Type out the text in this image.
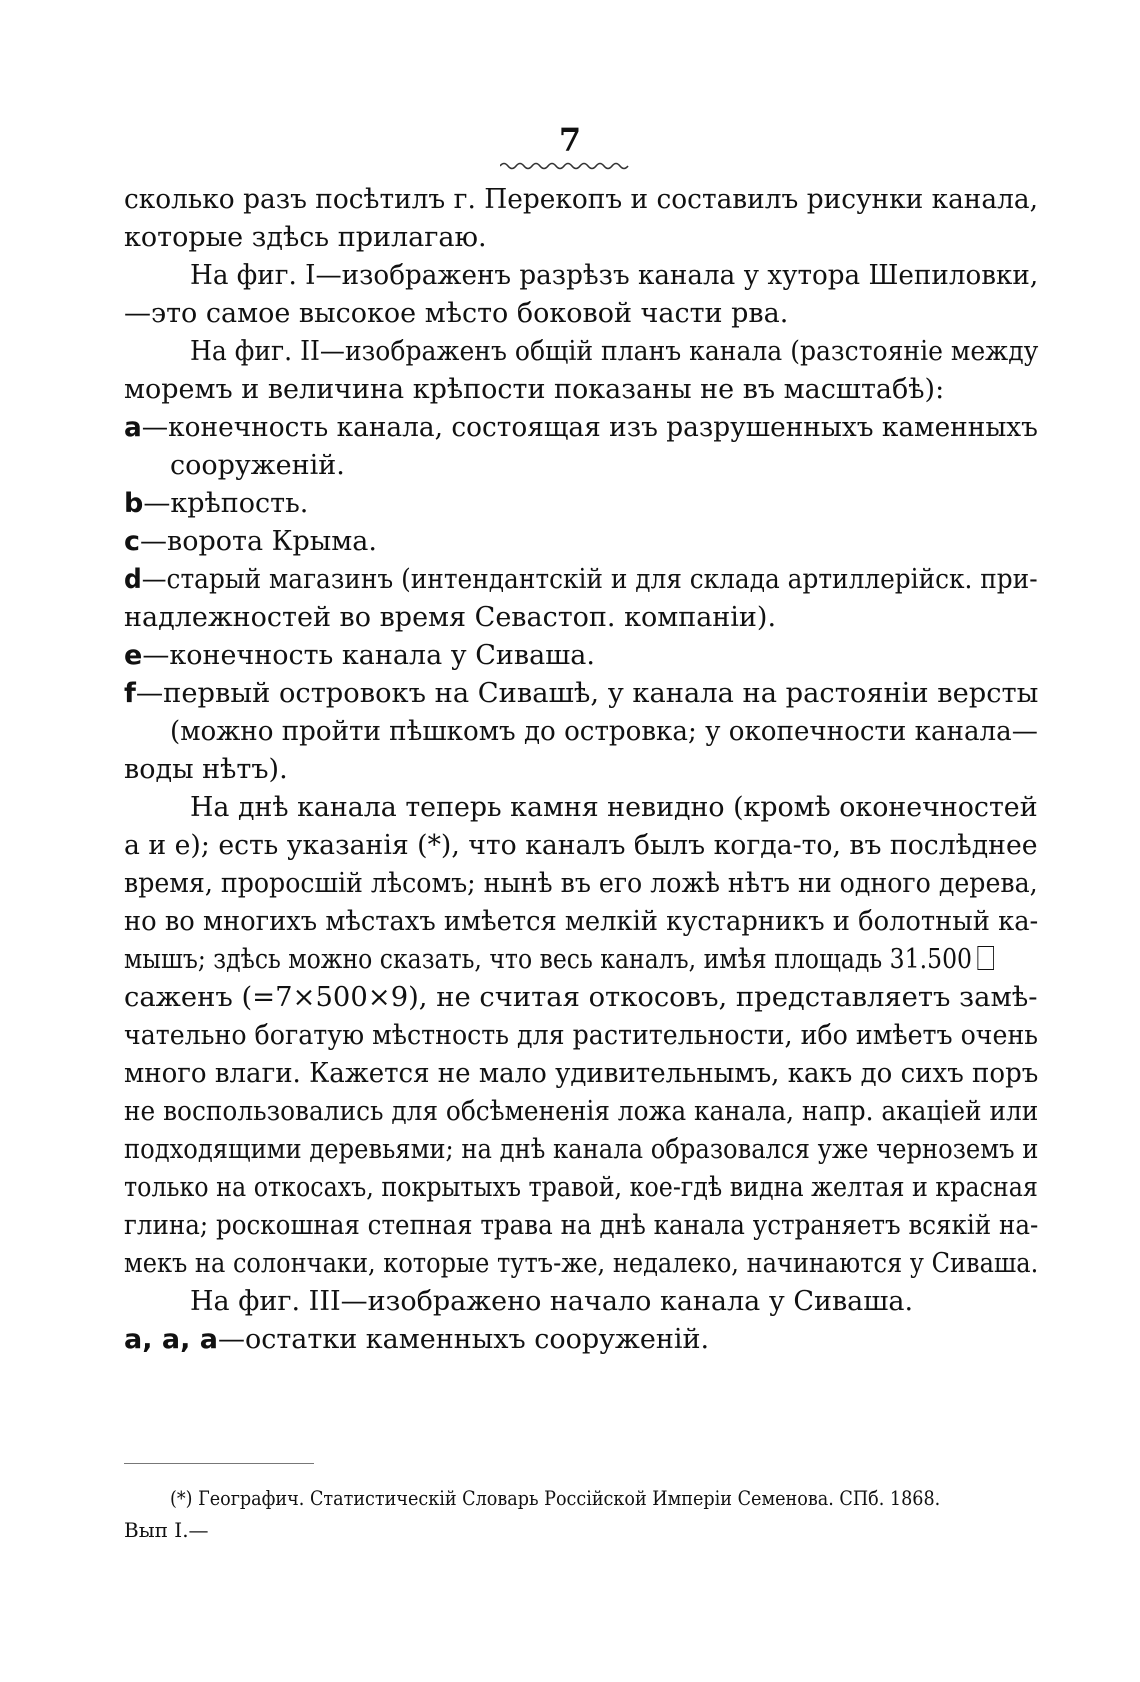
7
сколько разъ посѣтилъ г. Перекопъ и составилъ рисунки канала,
которые здѣсь прилагаю.
На фиг. I—изображенъ разрѣзъ канала у хутора Шепиловки,
—это самое высокое мѣсто боковой части рва.
На фиг. II—изображенъ общій планъ канала (разстояніе между
моремъ и величина крѣпости показаны не въ масштабѣ):
a—конечность канала, состоящая изъ разрушенныхъ каменныхъ
сооруженій.
b—крѣпость.
c—ворота Крыма.
d—старый магазинъ (интендантскій и для склада артиллерійск. при-
надлежностей во время Севастоп. компаніи).
e—конечность канала у Сиваша.
f—первый островокъ на Сивашѣ, у канала на растояніи версты
(можно пройти пѣшкомъ до островка; у окопечности канала—
воды нѣтъ).
На днѣ канала теперь камня невидно (кромѣ оконечностей
a и e); есть указанія (*), что каналъ былъ когда-то, въ послѣднее
время, проросшій лѣсомъ; нынѣ въ его ложѣ нѣтъ ни одного дерева,
но во многихъ мѣстахъ имѣется мелкій кустарникъ и болотный ка-
мышъ; здѣсь можно сказать, что весь каналъ, имѣя площадь 31.500
саженъ (=7×500×9), не считая откосовъ, представляетъ замѣ-
чательно богатую мѣстность для растительности, ибо имѣетъ очень
много влаги. Кажется не мало удивительнымъ, какъ до сихъ поръ
не воспользовались для обсѣмененія ложа канала, напр. акаціей или
подходящими деревьями; на днѣ канала образовался уже черноземъ и
только на откосахъ, покрытыхъ травой, кое-гдѣ видна желтая и красная
глина; роскошная степная трава на днѣ канала устраняетъ всякій на-
мекъ на солончаки, которые тутъ-же, недалеко, начинаются у Сиваша.
На фиг. III—изображено начало канала у Сиваша.
a, a, a—остатки каменныхъ сооруженій.
(*) Географич. Статистическій Словарь Россійской Имперіи Семенова. СПб. 1868.
Вып I.—
